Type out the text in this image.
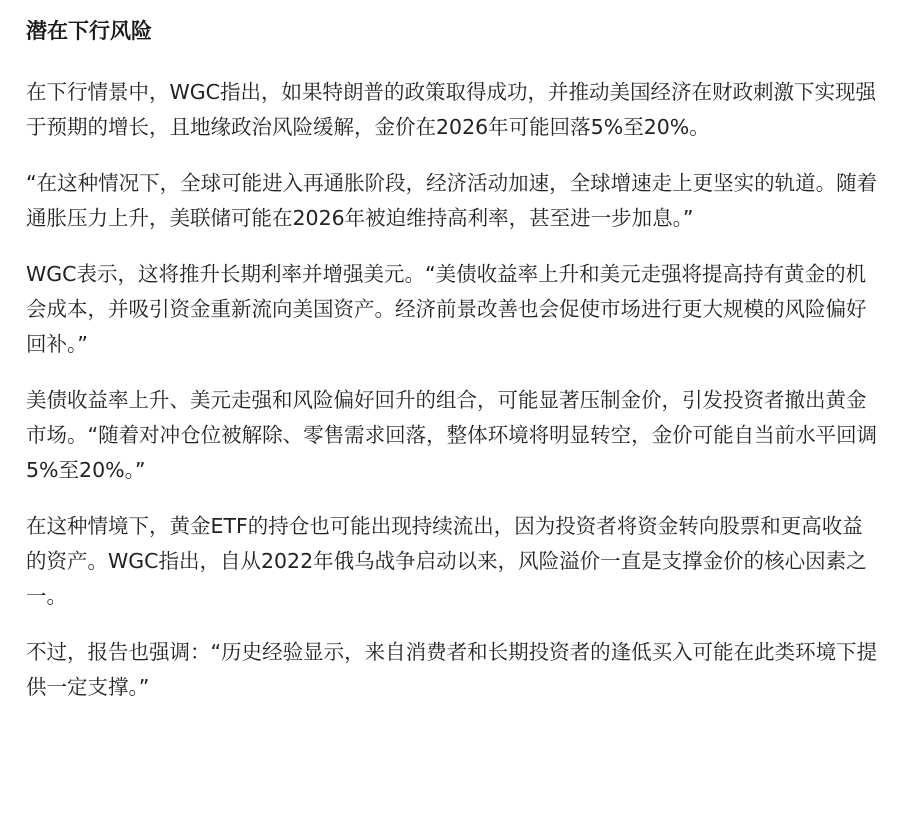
潜在下行风险

在下行情景中，WGC指出，如果特朗普的政策取得成功，并推动美国经济在财政刺激下实现强于预期的增长，且地缘政治风险缓解，金价在2026年可能回落5%至20%。

“在这种情况下，全球可能进入再通胀阶段，经济活动加速，全球增速走上更坚实的轨道。随着通胀压力上升，美联储可能在2026年被迫维持高利率，甚至进一步加息。”

WGC表示，这将推升长期利率并增强美元。“美债收益率上升和美元走强将提高持有黄金的机会成本，并吸引资金重新流向美国资产。经济前景改善也会促使市场进行更大规模的风险偏好回补。”

美债收益率上升、美元走强和风险偏好回升的组合，可能显著压制金价，引发投资者撤出黄金市场。“随着对冲仓位被解除、零售需求回落，整体环境将明显转空，金价可能自当前水平回调5%至20%。”

在这种情境下，黄金ETF的持仓也可能出现持续流出，因为投资者将资金转向股票和更高收益的资产。WGC指出，自从2022年俄乌战争启动以来，风险溢价一直是支撑金价的核心因素之一。

不过，报告也强调：“历史经验显示，来自消费者和长期投资者的逢低买入可能在此类环境下提供一定支撑。”
